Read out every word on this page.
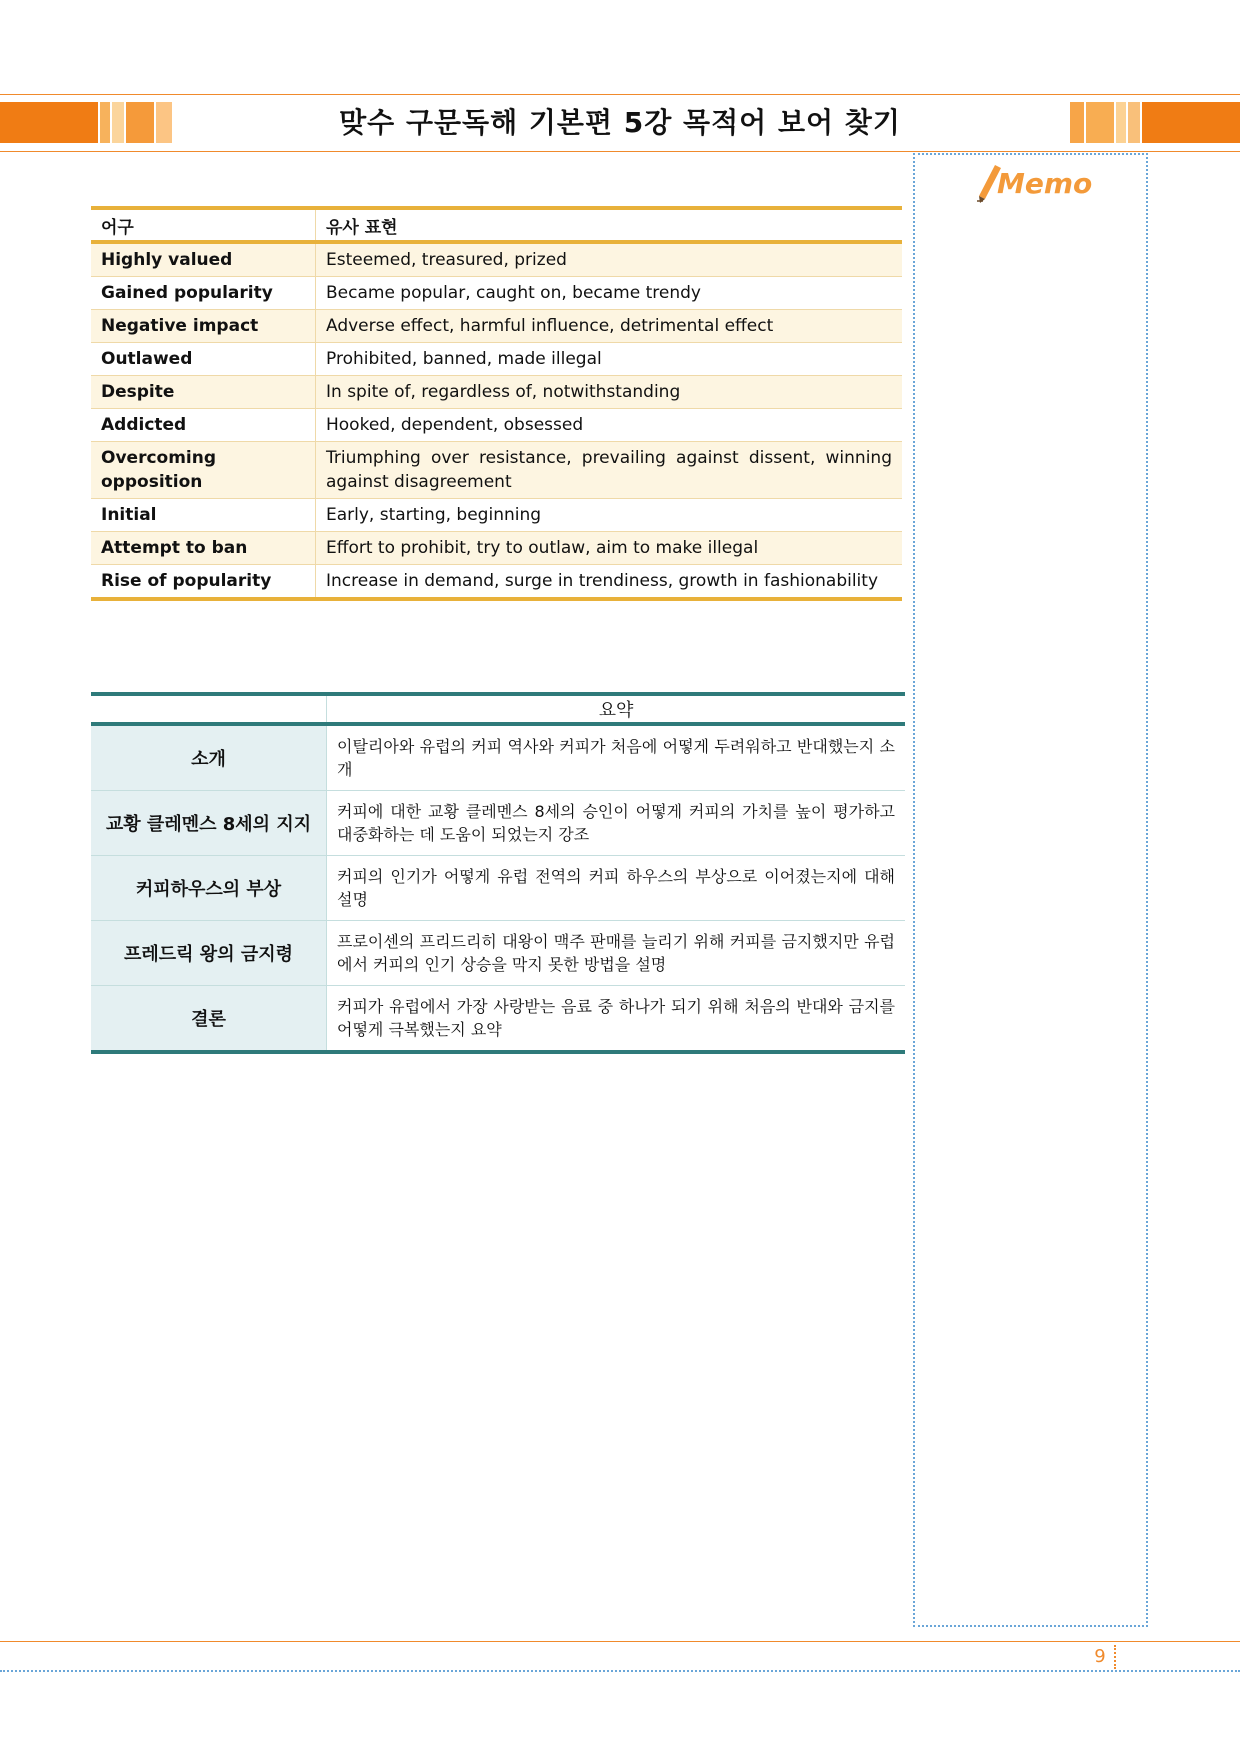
맞수 구문독해 기본편 5강 목적어 보어 찾기
Memo
어구	유사 표현
Highly valued	Esteemed, treasured, prized
Gained popularity	Became popular, caught on, became trendy
Negative impact	Adverse effect, harmful influence, detrimental effect
Outlawed	Prohibited, banned, made illegal
Despite	In spite of, regardless of, notwithstanding
Addicted	Hooked, dependent, obsessed
Overcoming opposition	Triumphing over resistance, prevailing against dissent, winning against disagreement
Initial	Early, starting, beginning
Attempt to ban	Effort to prohibit, try to outlaw, aim to make illegal
Rise of popularity	Increase in demand, surge in trendiness, growth in fashionability
	요약
소개	이탈리아와 유럽의 커피 역사와 커피가 처음에 어떻게 두려워하고 반대했는지 소개
교황 클레멘스 8세의 지지	커피에 대한 교황 클레멘스 8세의 승인이 어떻게 커피의 가치를 높이 평가하고 대중화하는 데 도움이 되었는지 강조
커피하우스의 부상	커피의 인기가 어떻게 유럽 전역의 커피 하우스의 부상으로 이어졌는지에 대해 설명
프레드릭 왕의 금지령	프로이센의 프리드리히 대왕이 맥주 판매를 늘리기 위해 커피를 금지했지만 유럽에서 커피의 인기 상승을 막지 못한 방법을 설명
결론	커피가 유럽에서 가장 사랑받는 음료 중 하나가 되기 위해 처음의 반대와 금지를 어떻게 극복했는지 요약
9
